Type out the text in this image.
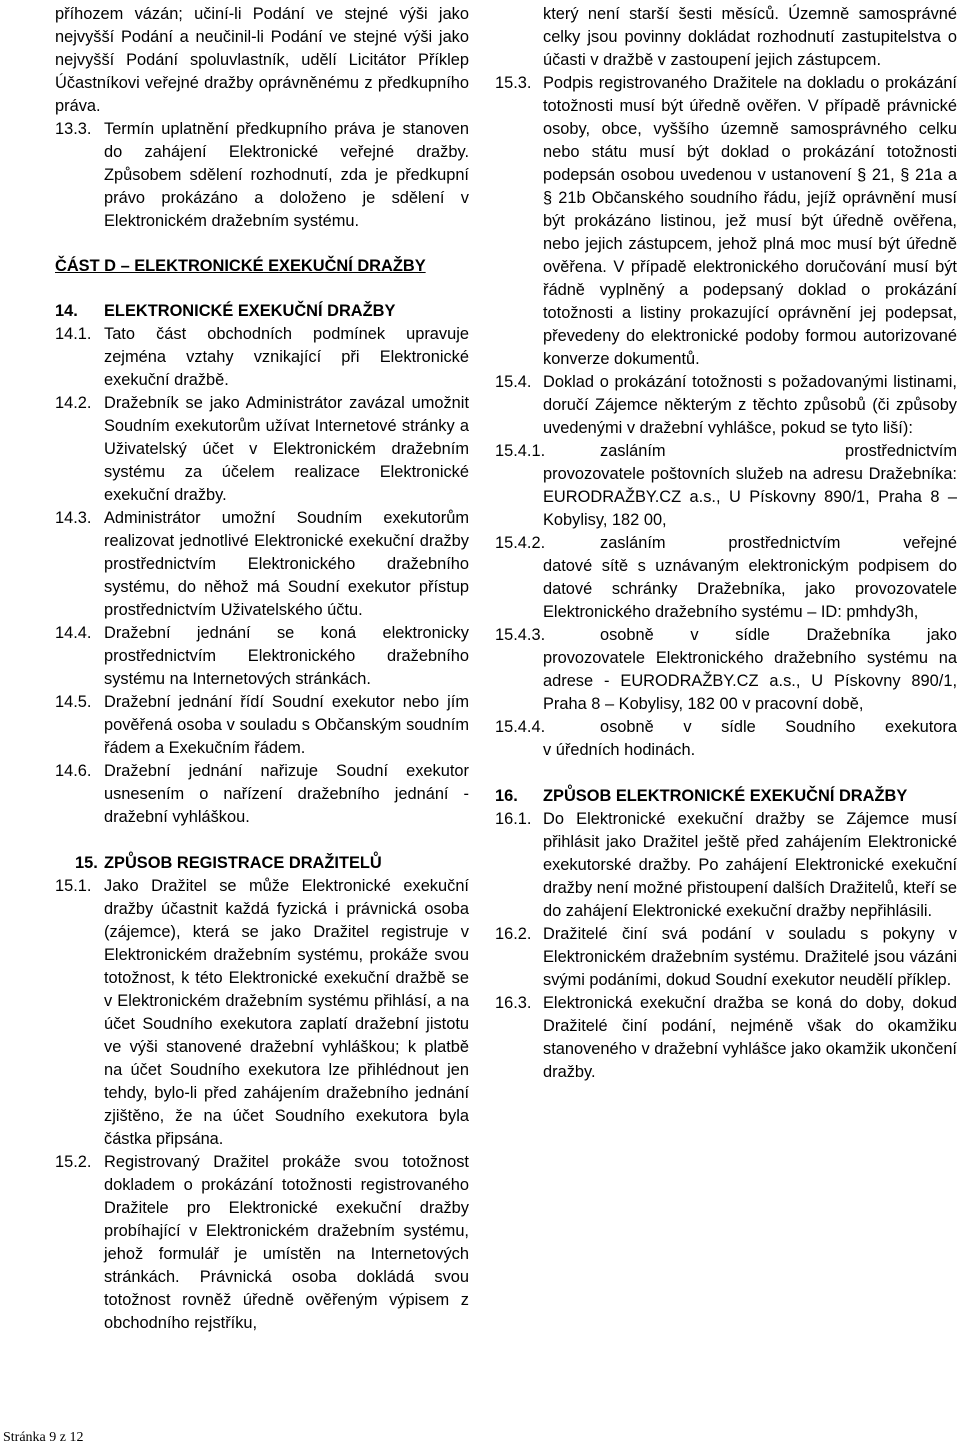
příhozem vázán; učiní-li Podání ve stejné výši jako nejvyšší Podání a neučinil-li Podání ve stejné výši jako nejvyšší Podání spoluvlastník, udělí Licitátor Příklep Účastníkovi veřejné dražby oprávněnému z předkupního práva.

13.3. Termín uplatnění předkupního práva je stanoven do zahájení Elektronické veřejné dražby. Způsobem sdělení rozhodnutí, zda je předkupní právo prokázáno a doloženo je sdělení v Elektronickém dražebním systému.

ČÁST D – ELEKTRONICKÉ EXEKUČNÍ DRAŽBY

14.	ELEKTRONICKÉ EXEKUČNÍ DRAŽBY
14.1. Tato část obchodních podmínek upravuje zejména vztahy vznikající při Elektronické exekuční dražbě.
14.2. Dražebník se jako Administrátor zavázal umožnit Soudním exekutorům užívat Internetové stránky a Uživatelský účet v Elektronickém dražebním systému za účelem realizace Elektronické exekuční dražby.
14.3. Administrátor umožní Soudním exekutorům realizovat jednotlivé Elektronické exekuční dražby prostřednictvím Elektronického dražebního systému, do něhož má Soudní exekutor přístup prostřednictvím Uživatelského účtu.
14.4. Dražební jednání se koná elektronicky prostřednictvím Elektronického dražebního systému na Internetových stránkách.
14.5. Dražební jednání řídí Soudní exekutor nebo jím pověřená osoba v souladu s Občanským soudním řádem a Exekučním řádem.
14.6. Dražební jednání nařizuje Soudní exekutor usnesením o nařízení dražebního jednání - dražební vyhláškou.
15. ZPŮSOB REGISTRACE DRAŽITELŮ
15.1. Jako Dražitel se může Elektronické exekuční dražby účastnit každá fyzická i právnická osoba (zájemce), která se jako Dražitel registruje v Elektronickém dražebním systému, prokáže svou totožnost, k této Elektronické exekuční dražbě se v Elektronickém dražebním systému přihlásí, a na účet Soudního exekutora zaplatí dražební jistotu ve výši stanovené dražební vyhláškou; k platbě na účet Soudního exekutora lze přihlédnout jen tehdy, bylo-li před zahájením dražebního jednání zjištěno, že na účet Soudního exekutora byla částka připsána.
15.2. Registrovaný Dražitel prokáže svou totožnost dokladem o prokázání totožnosti registrovaného Dražitele pro Elektronické exekuční dražby probíhající v Elektronickém dražebním systému, jehož formulář je umístěn na Internetových stránkách. Právnická osoba dokládá svou totožnost rovněž úředně ověřeným výpisem z obchodního rejstříku,

který není starší šesti měsíců. Územně samosprávné celky jsou povinny dokládat rozhodnutí zastupitelstva o účasti v dražbě v zastoupení jejich zástupcem.

15.3. Podpis registrovaného Dražitele na dokladu o prokázání totožnosti musí být úředně ověřen. V případě právnické osoby, obce, vyššího územně samosprávného celku nebo státu musí být doklad o prokázání totožnosti podepsán osobou uvedenou v ustanovení § 21, § 21a a § 21b Občanského soudního řádu, jejíž oprávnění musí být prokázáno listinou, jež musí být úředně ověřena, nebo jejich zástupcem, jehož plná moc musí být úředně ověřena. V případě elektronického doručování musí být řádně vyplněný a podepsaný doklad o prokázání totožnosti a listiny prokazující oprávnění jej podepsat, převedeny do elektronické podoby formou autorizované konverze dokumentů.
15.4. Doklad o prokázání totožnosti s požadovanými listinami, doručí Zájemce některým z těchto způsobů (či způsoby uvedenými v dražební vyhlášce, pokud se tyto liší):
15.4.1.	zasláním prostřednictvím

provozovatele poštovních služeb na adresu Dražebníka: EURODRAŽBY.CZ a.s., U Pískovny 890/1, Praha 8 – Kobylisy, 182 00,

15.4.2.	zasláním prostřednictvím veřejné

datové sítě s uznávaným elektronickým podpisem do datové schránky Dražebníka, jako provozovatele Elektronického dražebního systému – ID: pmhdy3h,

15.4.3.	osobně v sídle Dražebníka jako

provozovatele Elektronického dražebního systému na adrese - EURODRAŽBY.CZ a.s., U Pískovny 890/1, Praha 8 – Kobylisy, 182 00 v pracovní době,

15.4.4.	osobně v sídle Soudního exekutora

v úředních hodinách.

16.	ZPŮSOB ELEKTRONICKÉ EXEKUČNÍ DRAŽBY
16.1. Do Elektronické exekuční dražby se Zájemce musí přihlásit jako Dražitel ještě před zahájením Elektronické exekutorské dražby. Po zahájení Elektronické exekuční dražby není možné přistoupení dalších Dražitelů, kteří se do zahájení Elektronické exekuční dražby nepřihlásili.
16.2. Dražitelé činí svá podání v souladu s pokyny v Elektronickém dražebním systému. Dražitelé jsou vázáni svými podáními, dokud Soudní exekutor neudělí příklep.
16.3. Elektronická exekuční dražba se koná do doby, dokud Dražitelé činí podání, nejméně však do okamžiku stanoveného v dražební vyhlášce jako okamžik ukončení dražby.
Stránka 9 z 12
